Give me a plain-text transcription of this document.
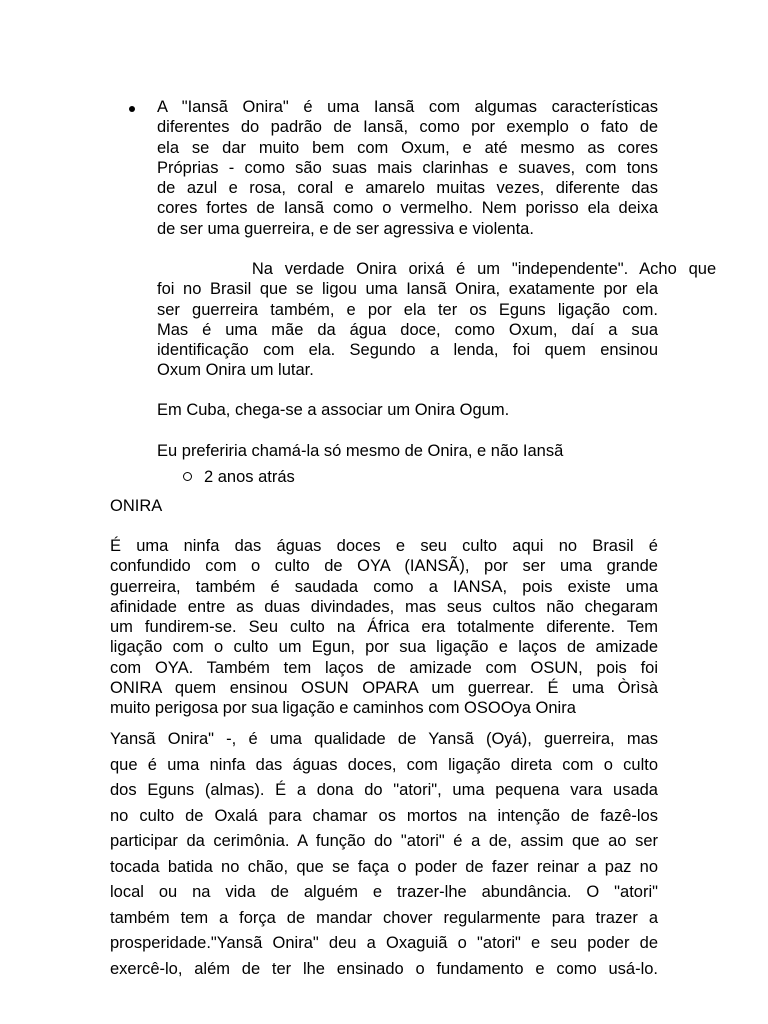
A "Iansã Onira" é uma Iansã com algumas características
diferentes do padrão de Iansã, como por exemplo o fato de
ela se dar muito bem com Oxum, e até mesmo as cores
Próprias - como são suas mais clarinhas e suaves, com tons
de azul e rosa, coral e amarelo muitas vezes, diferente das
cores fortes de Iansã como o vermelho. Nem porisso ela deixa
de ser uma guerreira, e de ser agressiva e violenta.
Na verdade Onira orixá é um "independente". Acho que
foi no Brasil que se ligou uma Iansã Onira, exatamente por ela
ser guerreira também, e por ela ter os Eguns ligação com.
Mas é uma mãe da água doce, como Oxum, daí a sua
identificação com ela. Segundo a lenda, foi quem ensinou
Oxum Onira um lutar.
Em Cuba, chega-se a associar um Onira Ogum.
Eu preferiria chamá-la só mesmo de Onira, e não Iansã
2 anos atrás
ONIRA
É uma ninfa das águas doces e seu culto aqui no Brasil é
confundido com o culto de OYA (IANSÃ), por ser uma grande
guerreira, também é saudada como a IANSA, pois existe uma
afinidade entre as duas divindades, mas seus cultos não chegaram
um fundirem-se. Seu culto na África era totalmente diferente. Tem
ligação com o culto um Egun, por sua ligação e laços de amizade
com OYA. Também tem laços de amizade com OSUN, pois foi
ONIRA quem ensinou OSUN OPARA um guerrear. É uma Òrìsà
muito perigosa por sua ligação e caminhos com OSOOya Onira
Yansã Onira" -, é uma qualidade de Yansã (Oyá), guerreira, mas
que é uma ninfa das águas doces, com ligação direta com o culto
dos Eguns (almas). É a dona do "atori", uma pequena vara usada
no culto de Oxalá para chamar os mortos na intenção de fazê-los
participar da cerimônia. A função do "atori" é a de, assim que ao ser
tocada batida no chão, que se faça o poder de fazer reinar a paz no
local ou na vida de alguém e trazer-lhe abundância. O "atori"
também tem a força de mandar chover regularmente para trazer a
prosperidade."Yansã Onira" deu a Oxaguiã o "atori" e seu poder de
exercê-lo, além de ter lhe ensinado o fundamento e como usá-lo.
